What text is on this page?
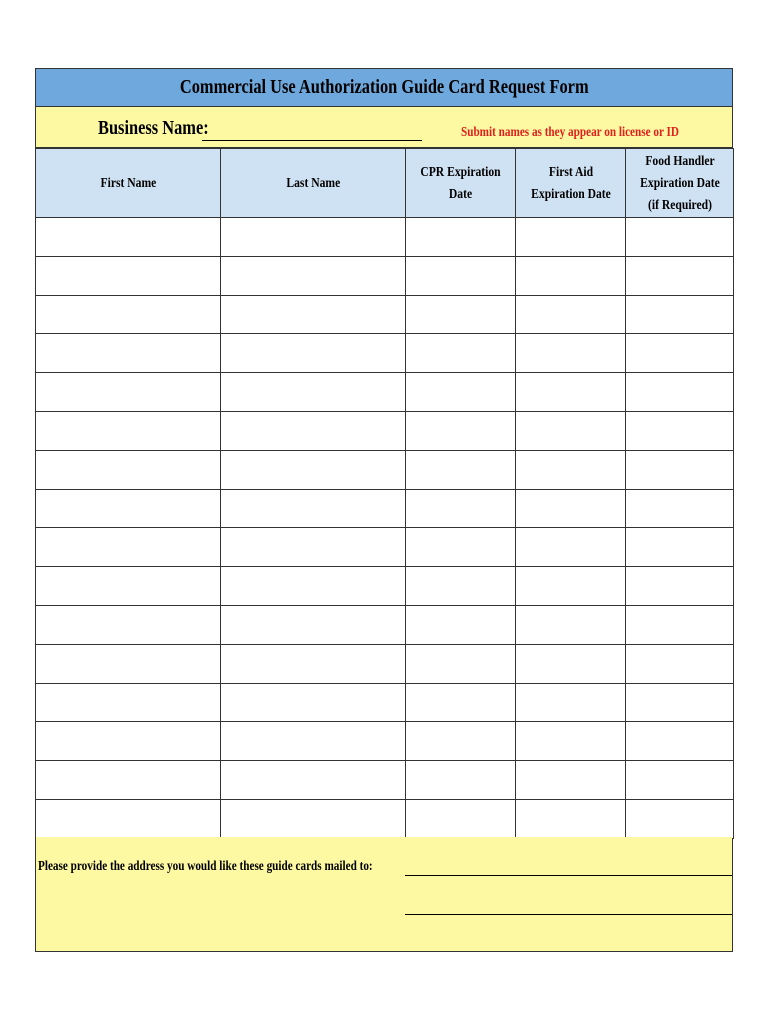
Commercial Use Authorization Guide Card Request Form
Business Name:	Submit names as they appear on license or ID
First Name	Last Name	CPR Expiration Date	First Aid Expiration Date	Food Handler Expiration Date (if Required)

Please provide the address you would like these guide cards mailed to:
